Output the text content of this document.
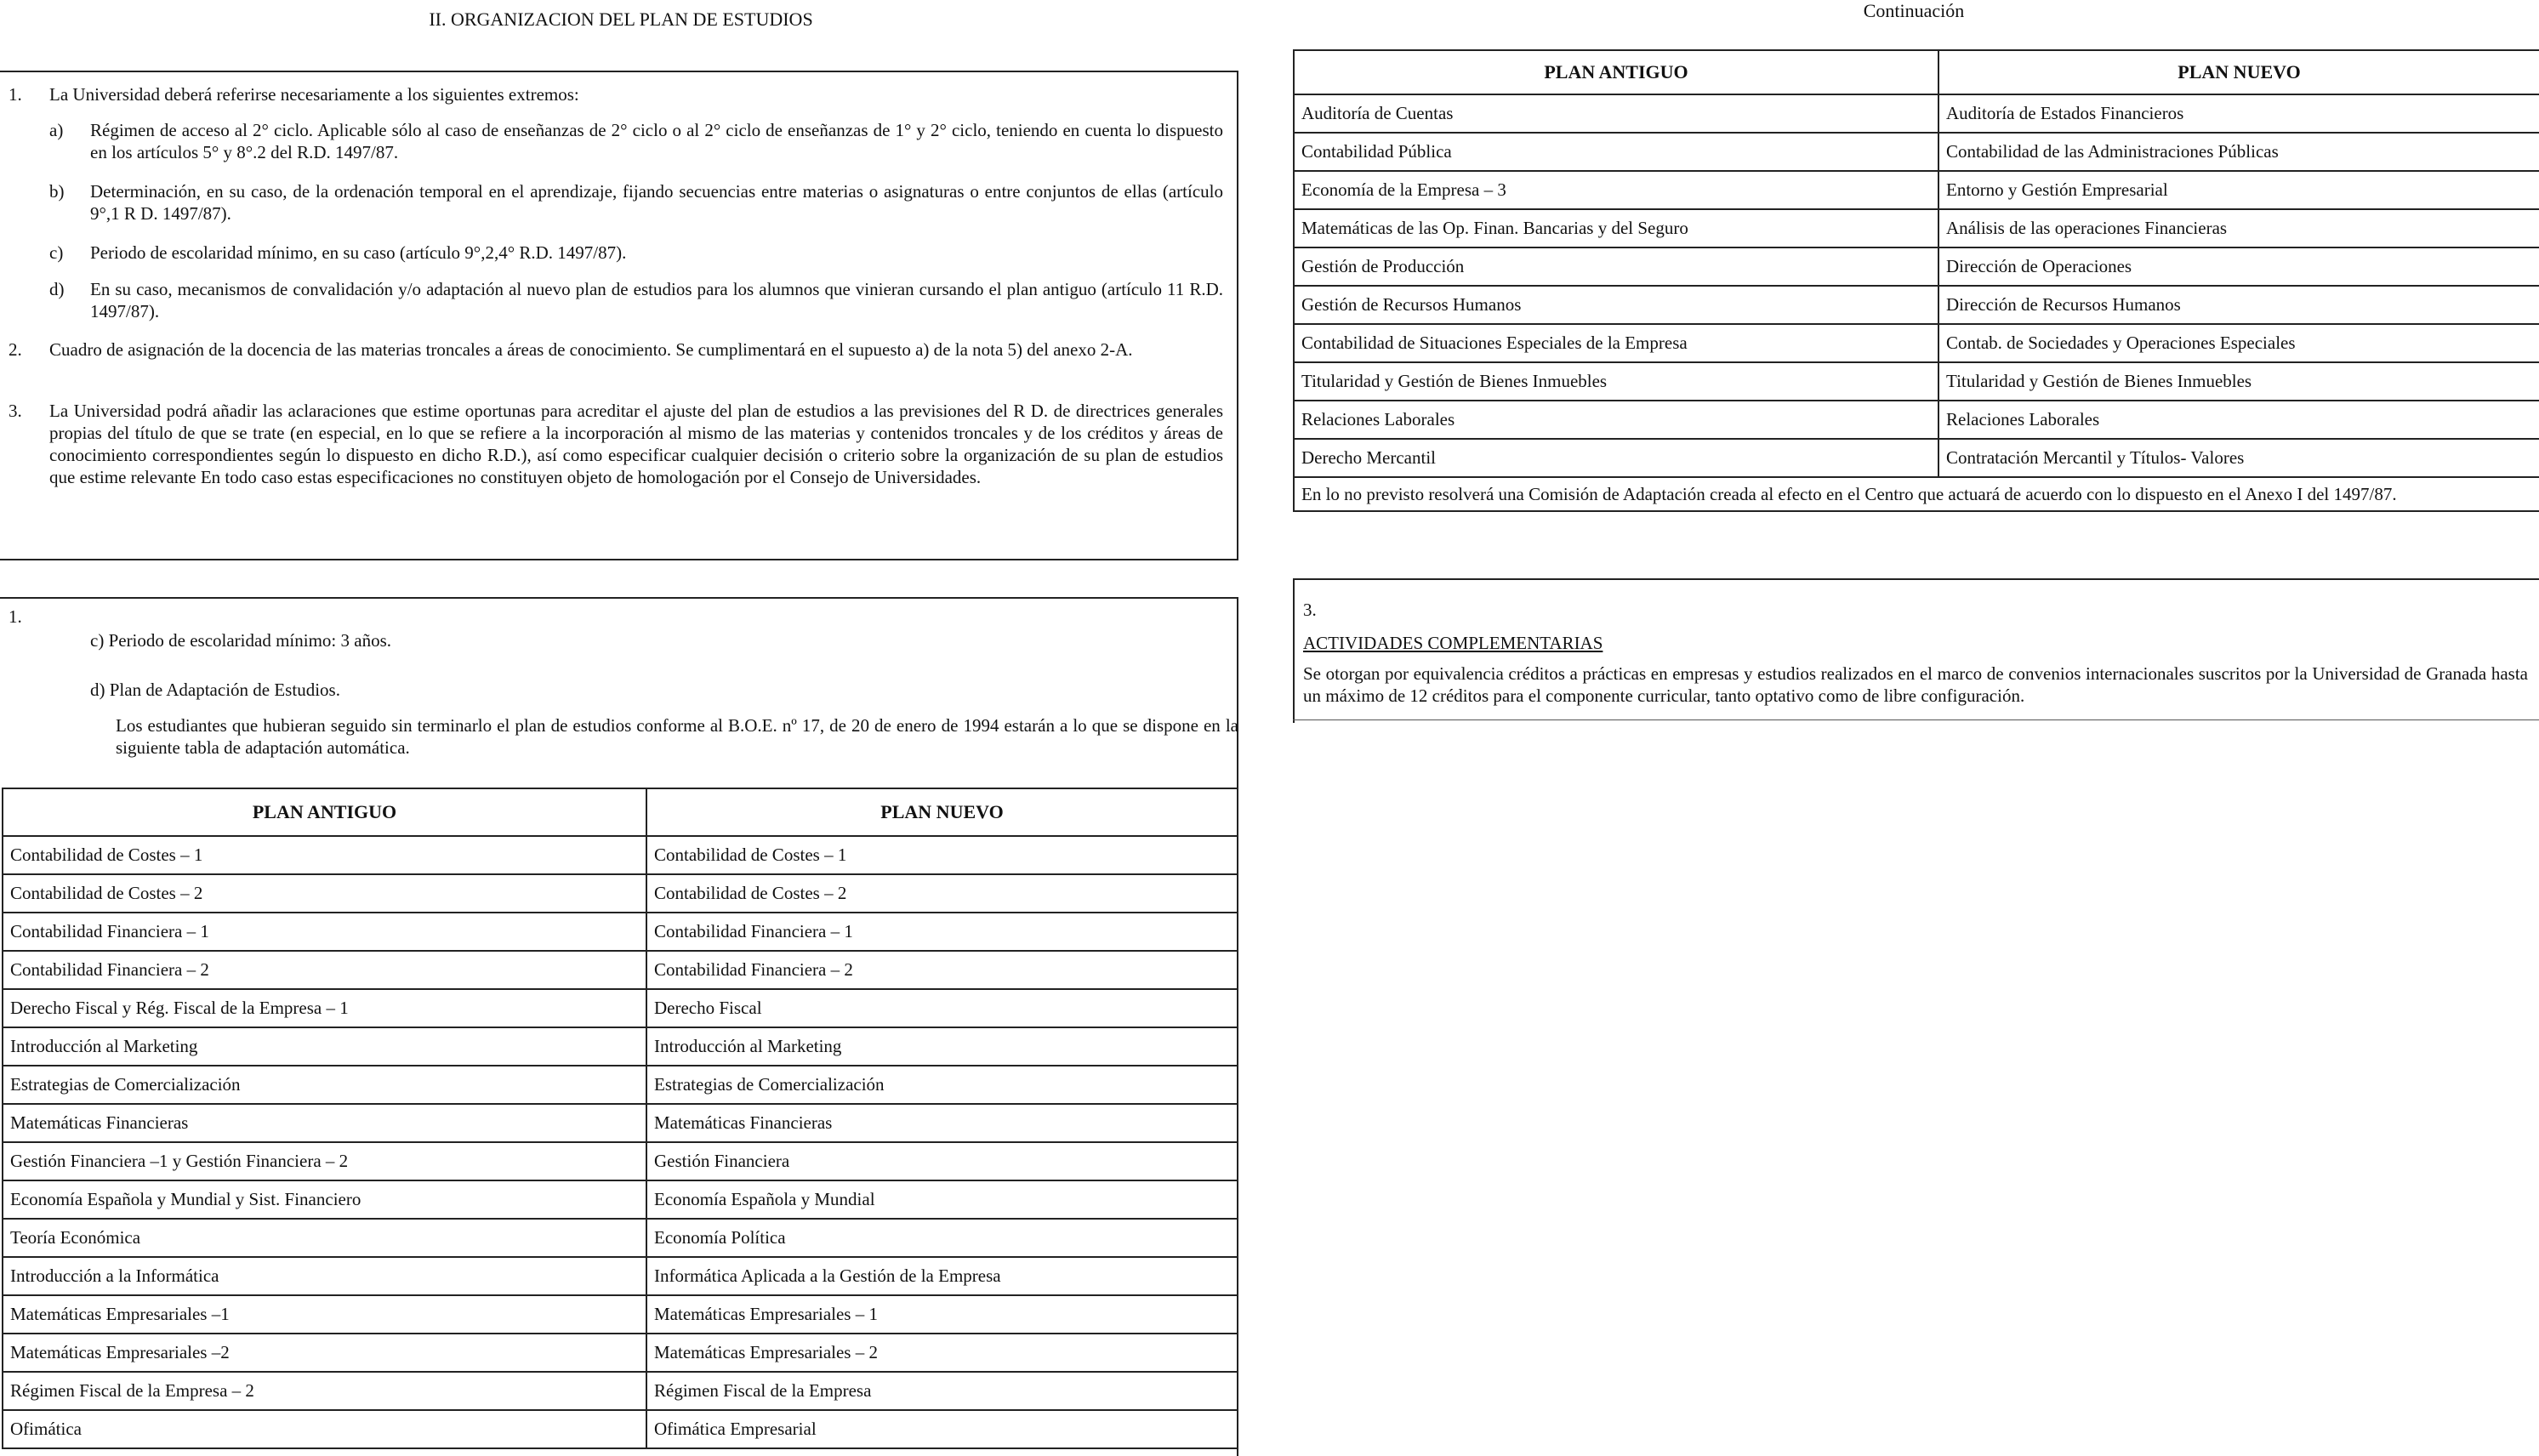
II. ORGANIZACION DEL PLAN DE ESTUDIOS
1. La Universidad deberá referirse necesariamente a los siguientes extremos:

a) Régimen de acceso al 2° ciclo. Aplicable sólo al caso de enseñanzas de 2° ciclo o al 2° ciclo de enseñanzas de 1° y 2° ciclo, teniendo en cuenta lo dispuesto en los artículos 5° y 8°.2 del R.D. 1497/87.

b) Determinación, en su caso, de la ordenación temporal en el aprendizaje, fijando secuencias entre materias o asignaturas o entre conjuntos de ellas (artículo 9°,1 R D. 1497/87).

c) Periodo de escolaridad mínimo, en su caso (artículo 9°,2,4° R.D. 1497/87).

d) En su caso, mecanismos de convalidación y/o adaptación al nuevo plan de estudios para los alumnos que vinieran cursando el plan antiguo (artículo 11 R.D. 1497/87).

2. Cuadro de asignación de la docencia de las materias troncales a áreas de conocimiento. Se cumplimentará en el supuesto a) de la nota 5) del anexo 2-A.

3. La Universidad podrá añadir las aclaraciones que estime oportunas para acreditar el ajuste del plan de estudios a las previsiones del R D. de directrices generales propias del título de que se trate (en especial, en lo que se refiere a la incorporación al mismo de las materias y contenidos troncales y de los créditos y áreas de conocimiento correspondientes según lo dispuesto en dicho R.D.), así como especificar cualquier decisión o criterio sobre la organización de su plan de estudios que estime relevante En todo caso estas especificaciones no constituyen objeto de homologación por el Consejo de Universidades.

1.
c) Periodo de escolaridad mínimo: 3 años.
d) Plan de Adaptación de Estudios.

Los estudiantes que hubieran seguido sin terminarlo el plan de estudios conforme al B.O.E. nº 17, de 20 de enero de 1994 estarán a lo que se dispone en la siguiente tabla de adaptación automática.

PLAN ANTIGUO	PLAN NUEVO
Contabilidad de Costes – 1	Contabilidad de Costes – 1
Contabilidad de Costes – 2	Contabilidad de Costes – 2
Contabilidad Financiera – 1	Contabilidad Financiera – 1
Contabilidad Financiera – 2	Contabilidad Financiera – 2
Derecho Fiscal y Rég. Fiscal de la Empresa – 1	Derecho Fiscal
Introducción al Marketing	Introducción al Marketing
Estrategias de Comercialización	Estrategias de Comercialización
Matemáticas Financieras	Matemáticas Financieras
Gestión Financiera –1 y Gestión Financiera – 2	Gestión Financiera
Economía Española y Mundial y Sist. Financiero	Economía Española y Mundial
Teoría Económica	Economía Política
Introducción a la Informática	Informática Aplicada a la Gestión de la Empresa
Matemáticas Empresariales –1	Matemáticas Empresariales – 1
Matemáticas Empresariales –2	Matemáticas Empresariales – 2
Régimen Fiscal de la Empresa – 2	Régimen Fiscal de la Empresa
Ofimática	Ofimática Empresarial
Continuación
PLAN ANTIGUO	PLAN NUEVO
Auditoría de Cuentas	Auditoría de Estados Financieros
Contabilidad Pública	Contabilidad de las Administraciones Públicas
Economía de la Empresa – 3	Entorno y Gestión Empresarial
Matemáticas de las Op. Finan. Bancarias y del Seguro	Análisis de las operaciones Financieras
Gestión de Producción	Dirección de Operaciones
Gestión de Recursos Humanos	Dirección de Recursos Humanos
Contabilidad de Situaciones Especiales de la Empresa	Contab. de Sociedades y Operaciones Especiales
Titularidad y Gestión de Bienes Inmuebles	Titularidad y Gestión de Bienes Inmuebles
Relaciones Laborales	Relaciones Laborales
Derecho Mercantil	Contratación Mercantil y Títulos- Valores
En lo no previsto resolverá una Comisión de Adaptación creada al efecto en el Centro que actuará de acuerdo con lo dispuesto en el Anexo I del 1497/87.	
3.
ACTIVIDADES COMPLEMENTARIAS

Se otorgan por equivalencia créditos a prácticas en empresas y estudios realizados en el marco de convenios internacionales suscritos por la Universidad de Granada hasta un máximo de 12 créditos para el componente curricular, tanto optativo como de libre configuración.
